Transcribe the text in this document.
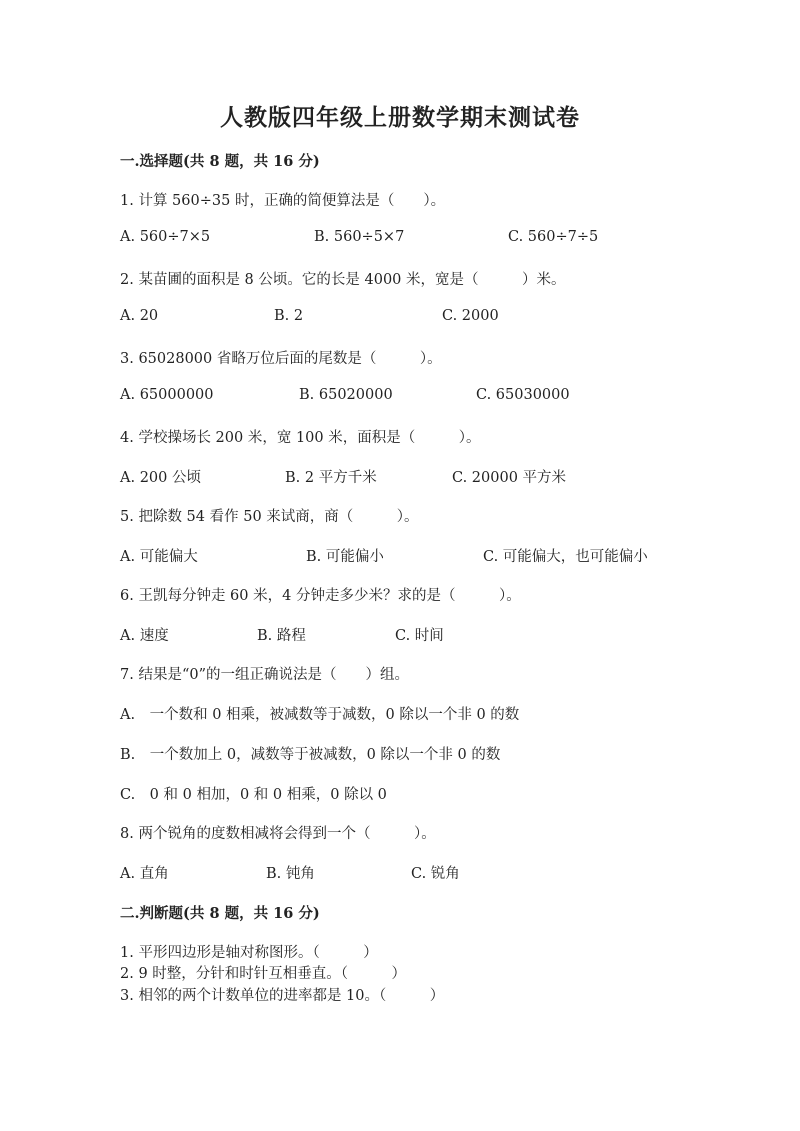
人教版四年级上册数学期末测试卷
一.选择题(共 8 题，共 16 分)
1. 计算 560÷35 时，正确的简便算法是（　　）。
A. 560÷7×5	B. 560÷5×7	C. 560÷7÷5
2. 某苗圃的面积是 8 公顷。它的长是 4000 米，宽是（　　　）米。
A. 20	B. 2	C. 2000
3. 65028000 省略万位后面的尾数是（　　　）。
A. 65000000	B. 65020000	C. 65030000
4. 学校操场长 200 米，宽 100 米，面积是（　　　）。
A. 200 公顷	B. 2 平方千米	C. 20000 平方米
5. 把除数 54 看作 50 来试商，商（　　　）。
A. 可能偏大	B. 可能偏小	C. 可能偏大，也可能偏小
6. 王凯每分钟走 60 米，4 分钟走多少米？求的是（　　　）。
A. 速度	B. 路程	C. 时间
7. 结果是“0”的一组正确说法是（　　）组。
A.　一个数和 0 相乘，被减数等于减数，0 除以一个非 0 的数
B.　一个数加上 0，减数等于被减数，0 除以一个非 0 的数
C.　0 和 0 相加，0 和 0 相乘，0 除以 0
8. 两个锐角的度数相减将会得到一个（　　　）。
A. 直角	B. 钝角	C. 锐角
二.判断题(共 8 题，共 16 分)
1. 平形四边形是轴对称图形。（　　　）
2. 9 时整，分针和时针互相垂直。（　　　）
3. 相邻的两个计数单位的进率都是 10。（　　　）
